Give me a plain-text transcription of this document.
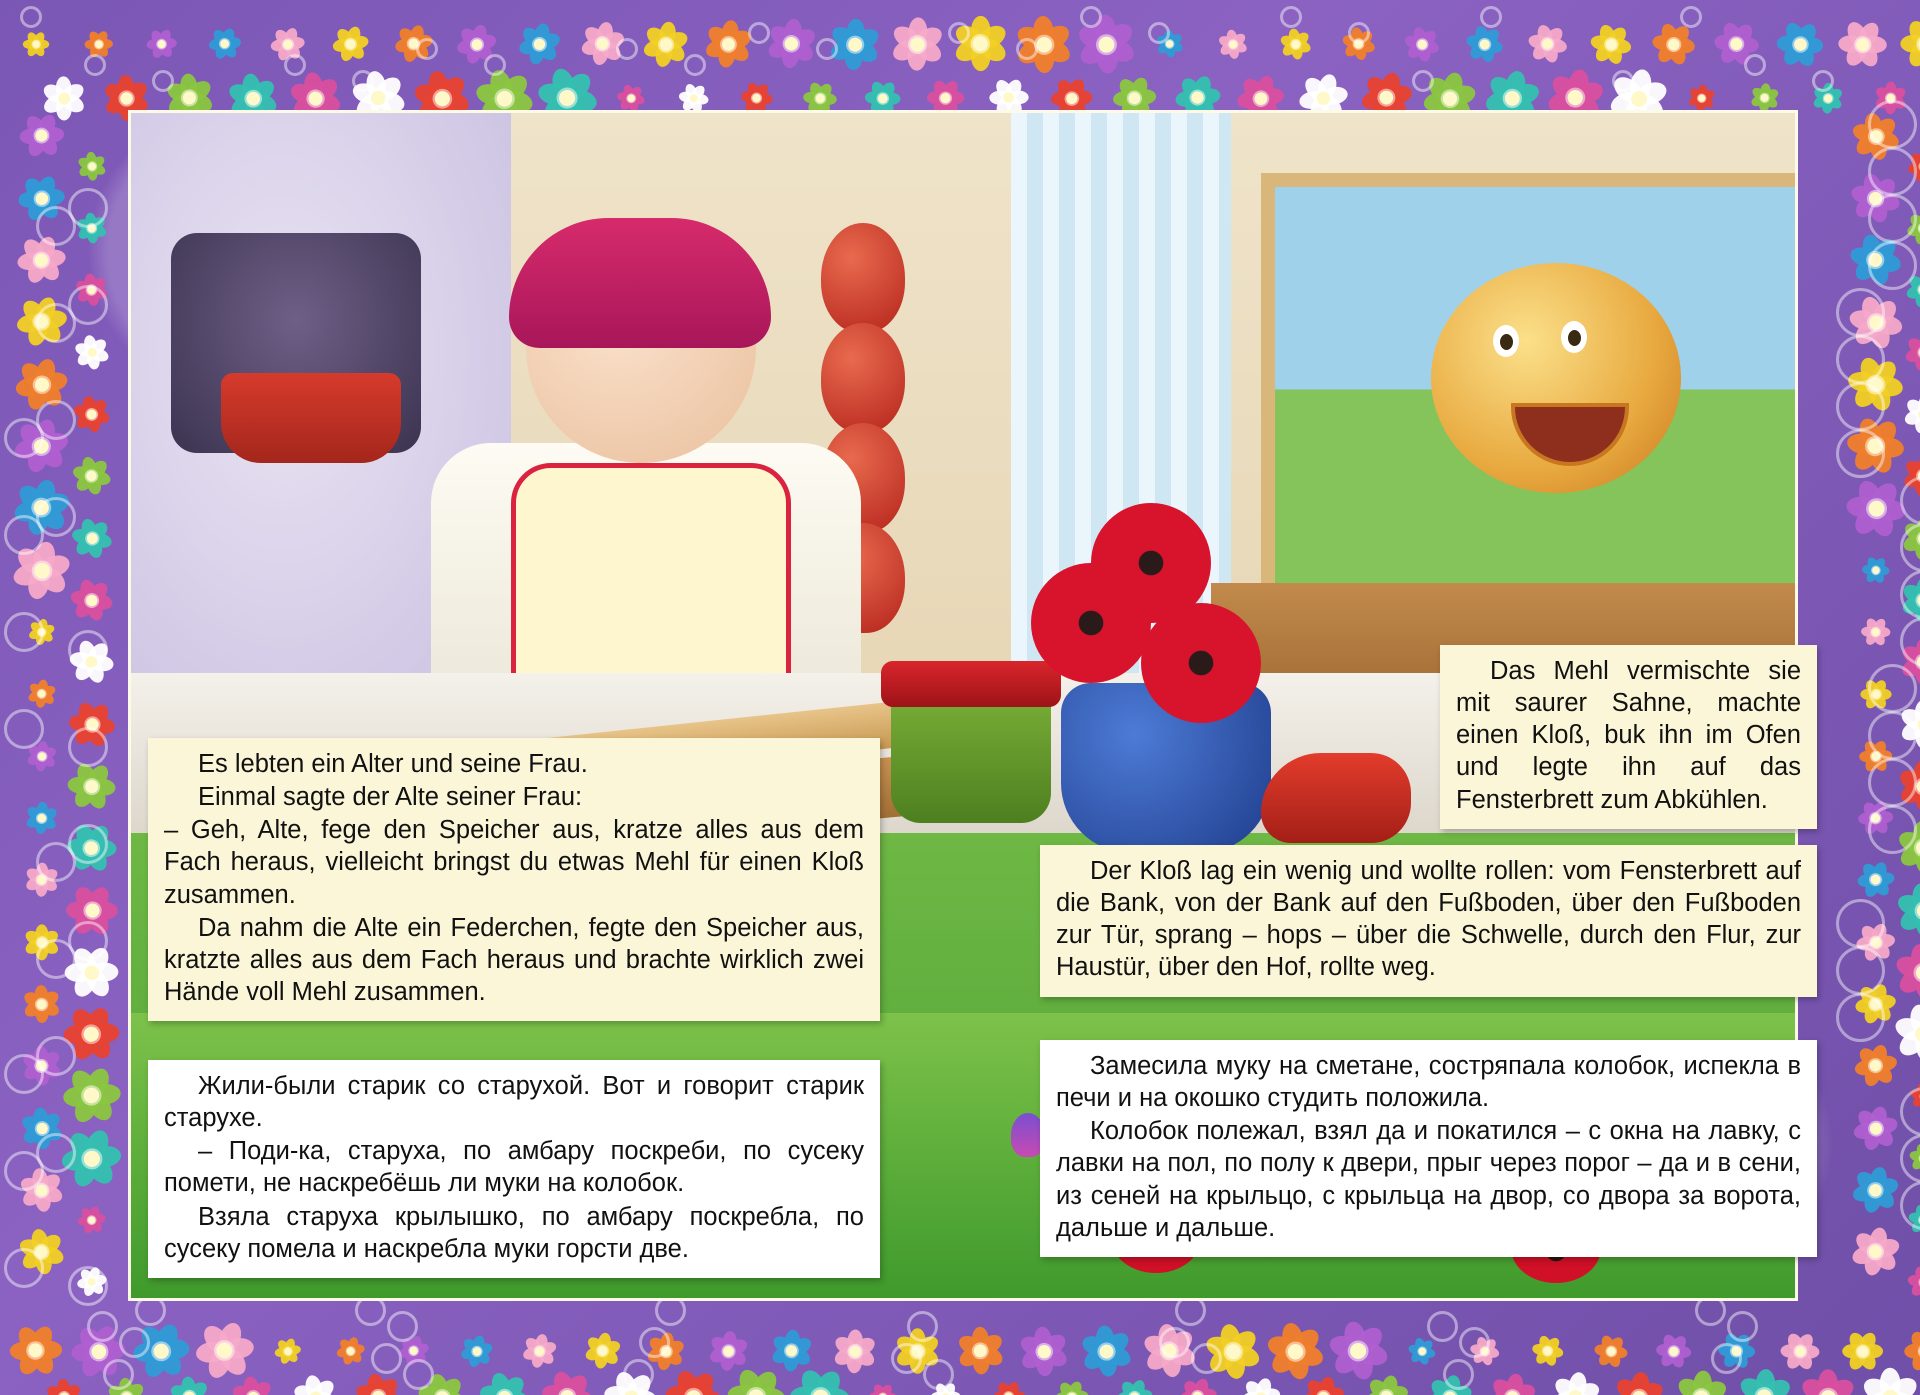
Es lebten ein Alter und seine Frau.

Einmal sagte der Alte seiner Frau:

– Geh, Alte, fege den Speicher aus, kratze alles aus dem Fach heraus, vielleicht bringst du etwas Mehl für einen Kloß zusammen.

Da nahm die Alte ein Federchen, fegte den Speicher aus, kratzte alles aus dem Fach heraus und brachte wirklich zwei Hände voll Mehl zusammen.

Das Mehl vermischte sie mit saurer Sahne, machte einen Kloß, buk ihn im Ofen und legte ihn auf das Fensterbrett zum Abkühlen.

Der Kloß lag ein wenig und wollte rollen: vom Fensterbrett auf die Bank, von der Bank auf den Fußboden, über den Fußboden zur Tür, sprang – hops – über die Schwelle, durch den Flur, zur Haustür, über den Hof, rollte weg.

Жили-были старик со старухой. Вот и говорит старик старухе.

– Поди-ка, старуха, по амбару поскреби, по сусеку помети, не наскребёшь ли муки на колобок.

Взяла старуха крылышко, по амбару поскребла, по сусеку помела и наскребла муки горсти две.

Замесила муку на сметане, состряпала колобок, испекла в печи и на окошко студить положила.

Колобок полежал, взял да и покатился – с окна на лавку, с лавки на пол, по полу к двери, прыг через порог – да и в сени, из сеней на крыльцо, с крыльца на двор, со двора за ворота, дальше и дальше.
